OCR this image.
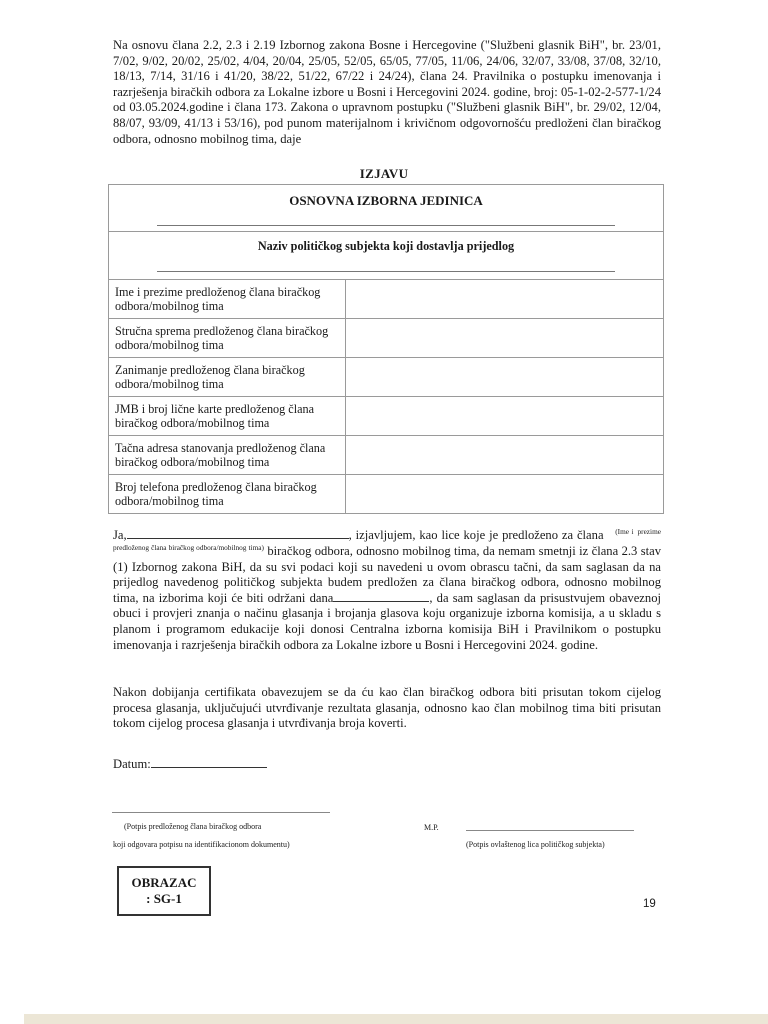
Na osnovu člana 2.2, 2.3 i 2.19 Izbornog zakona Bosne i Hercegovine ("Službeni glasnik BiH", br. 23/01, 7/02, 9/02, 20/02, 25/02, 4/04, 20/04, 25/05, 52/05, 65/05, 77/05, 11/06, 24/06, 32/07, 33/08, 37/08, 32/10, 18/13, 7/14, 31/16 i 41/20, 38/22, 51/22, 67/22 i 24/24), člana 24. Pravilnika o postupku imenovanja i razrješenja biračkih odbora za Lokalne izbore u Bosni i Hercegovini 2024. godine, broj: 05-1-02-2-577-1/24 od 03.05.2024.godine i člana 173. Zakona o upravnom postupku ("Službeni glasnik BiH", br. 29/02, 12/04, 88/07, 93/09, 41/13 i 53/16), pod punom materijalnom i krivičnom odgovornošću predloženi član biračkog odbora, odnosno mobilnog tima, daje

IZJAVU
OSNOVNA IZBORNA JEDINICA
Naziv političkog subjekta koji dostavlja prijedlog
Ime i prezime predloženog člana biračkog odbora/mobilnog tima	
Stručna sprema predloženog člana biračkog odbora/mobilnog tima	
Zanimanje predloženog člana biračkog odbora/mobilnog tima	
JMB i broj lične karte predloženog člana biračkog odbora/mobilnog tima	
Tačna adresa stanovanja predloženog člana biračkog odbora/mobilnog tima	
Broj telefona predloženog člana biračkog odbora/mobilnog tima	

Ja,	, izjavljujem, kao lice koje je predloženo za člana $^{(Ime i}$ $^{prezime predloženog člana biračkog odbora/mobilnog tima)}$ biračkog odbora, odnosno mobilnog tima, da nemam smetnji iz člana 2.3 stav (1) Izbornog zakona BiH, da su svi podaci koji su navedeni u ovom obrascu tačni, da sam saglasan da na prijedlog navedenog političkog subjekta budem predložen za člana biračkog odbora, odnosno mobilnog tima, na izborima koji će biti održani dana	, da sam saglasan da prisustvujem obaveznoj obuci i provjeri znanja o načinu glasanja i brojanja glasova koju organizuje izborna komisija, a u skladu s planom i programom edukacije koji donosi Centralna izborna komisija BiH i Pravilnikom o postupku imenovanja i razrješenja biračkih odbora za Lokalne izbore u Bosni i Hercegovini 2024. godine.

Nakon dobijanja certifikata obavezujem se da ću kao član biračkog odbora biti prisutan tokom cijelog procesa glasanja, uključujući utvrđivanje rezultata glasanja, odnosno kao član mobilnog tima biti prisutan tokom cijelog procesa glasanja i utvrđivanja broja koverti.

Datum:
(Potpis predloženog člana biračkog odbora
koji odgovara potpisu na identifikacionom dokumentu)
M.P.
(Potpis ovlaštenog lica političkog subjekta)
OBRAZAC
: SG-1	19
